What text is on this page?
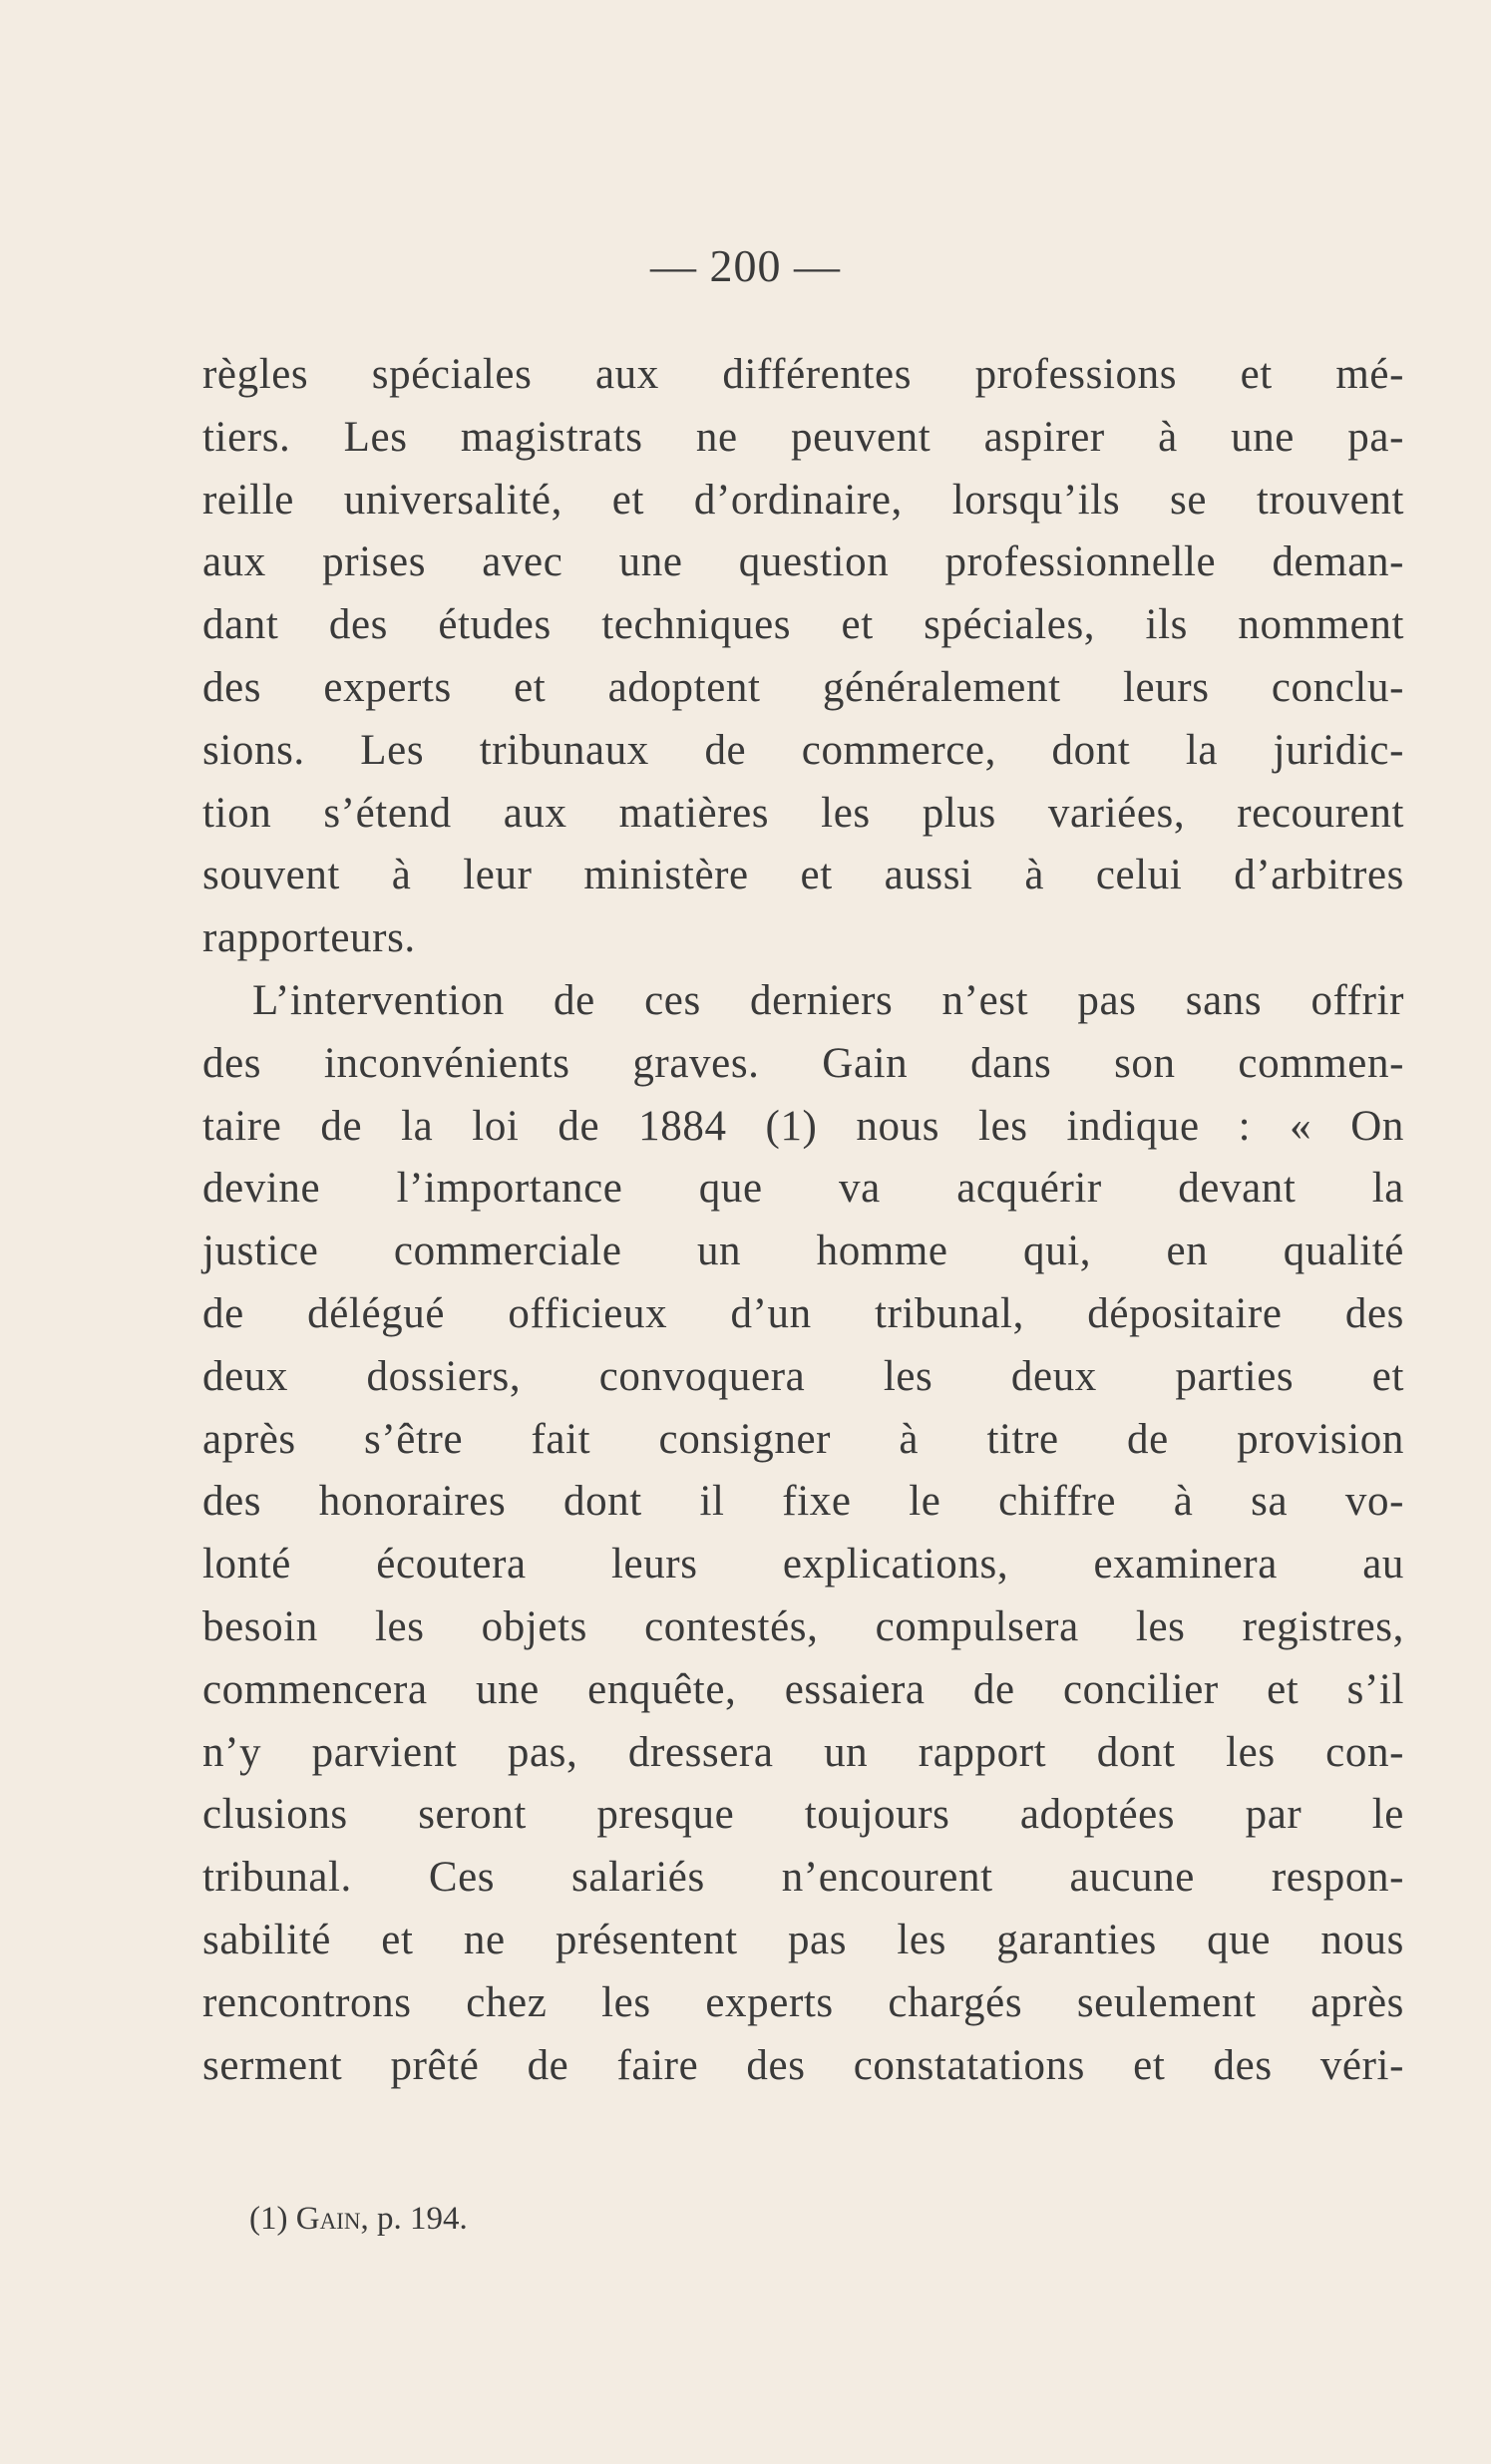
— 200 —
règles spéciales aux différentes professions et mé-
tiers. Les magistrats ne peuvent aspirer à une pa-
reille universalité, et d’ordinaire, lorsqu’ils se trouvent
aux prises avec une question professionnelle deman-
dant des études techniques et spéciales, ils nomment
des experts et adoptent généralement leurs conclu-
sions. Les tribunaux de commerce, dont la juridic-
tion s’étend aux matières les plus variées, recourent
souvent à leur ministère et aussi à celui d’arbitres
rapporteurs.
L’intervention de ces derniers n’est pas sans offrir
des inconvénients graves. Gain dans son commen-
taire de la loi de 1884 (1) nous les indique : « On
devine l’importance que va acquérir devant la
justice commerciale un homme qui, en qualité
de délégué officieux d’un tribunal, dépositaire des
deux dossiers, convoquera les deux parties et
après s’être fait consigner à titre de provision
des honoraires dont il fixe le chiffre à sa vo-
lonté écoutera leurs explications, examinera au
besoin les objets contestés, compulsera les registres,
commencera une enquête, essaiera de concilier et s’il
n’y parvient pas, dressera un rapport dont les con-
clusions seront presque toujours adoptées par le
tribunal. Ces salariés n’encourent aucune respon-
sabilité et ne présentent pas les garanties que nous
rencontrons chez les experts chargés seulement après
serment prêté de faire des constatations et des véri-
(1) Gain, p. 194.
